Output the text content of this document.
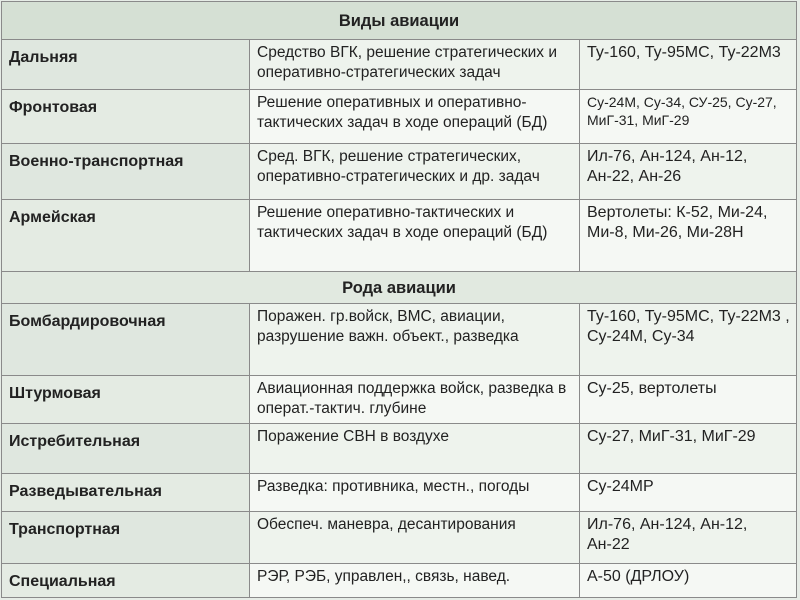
Виды авиации		
Дальняя	Средство ВГК, решение стратегических и оперативно-стратегических задач	Ту-160, Ту-95МС, Ту-22М3
Фронтовая	Решение оперативных и оперативно-тактических задач в ходе операций (БД)	Су-24М, Су-34, СУ-25, Су-27, МиГ-31, МиГ-29
Военно-транспортная	Сред. ВГК, решение стратегических, оперативно-стратегических и др. задач	Ил-76, Ан-124, Ан-12, Ан-22, Ан-26
Армейская	Решение оперативно-тактических и тактических задач в ходе операций (БД)	Вертолеты: К-52, Ми-24, Ми-8, Ми-26, Ми-28Н
Рода авиации		
Бомбардировочная	Поражен. гр.войск, ВМС, авиации, разрушение важн. объект., разведка	Ту-160, Ту-95МС, Ту-22М3 , Су-24М, Су-34
Штурмовая	Авиационная поддержка войск, разведка в операт.-тактич. глубине	Су-25, вертолеты
Истребительная	Поражение СВН в воздухе	Су-27, МиГ-31, МиГ-29
Разведывательная	Разведка: противника, местн., погоды	Су-24МР
Транспортная	Обеспеч. маневра, десантирования	Ил-76, Ан-124, Ан-12, Ан-22
Специальная	РЭР, РЭБ, управлен,, связь, навед.	А-50 (ДРЛОУ)
